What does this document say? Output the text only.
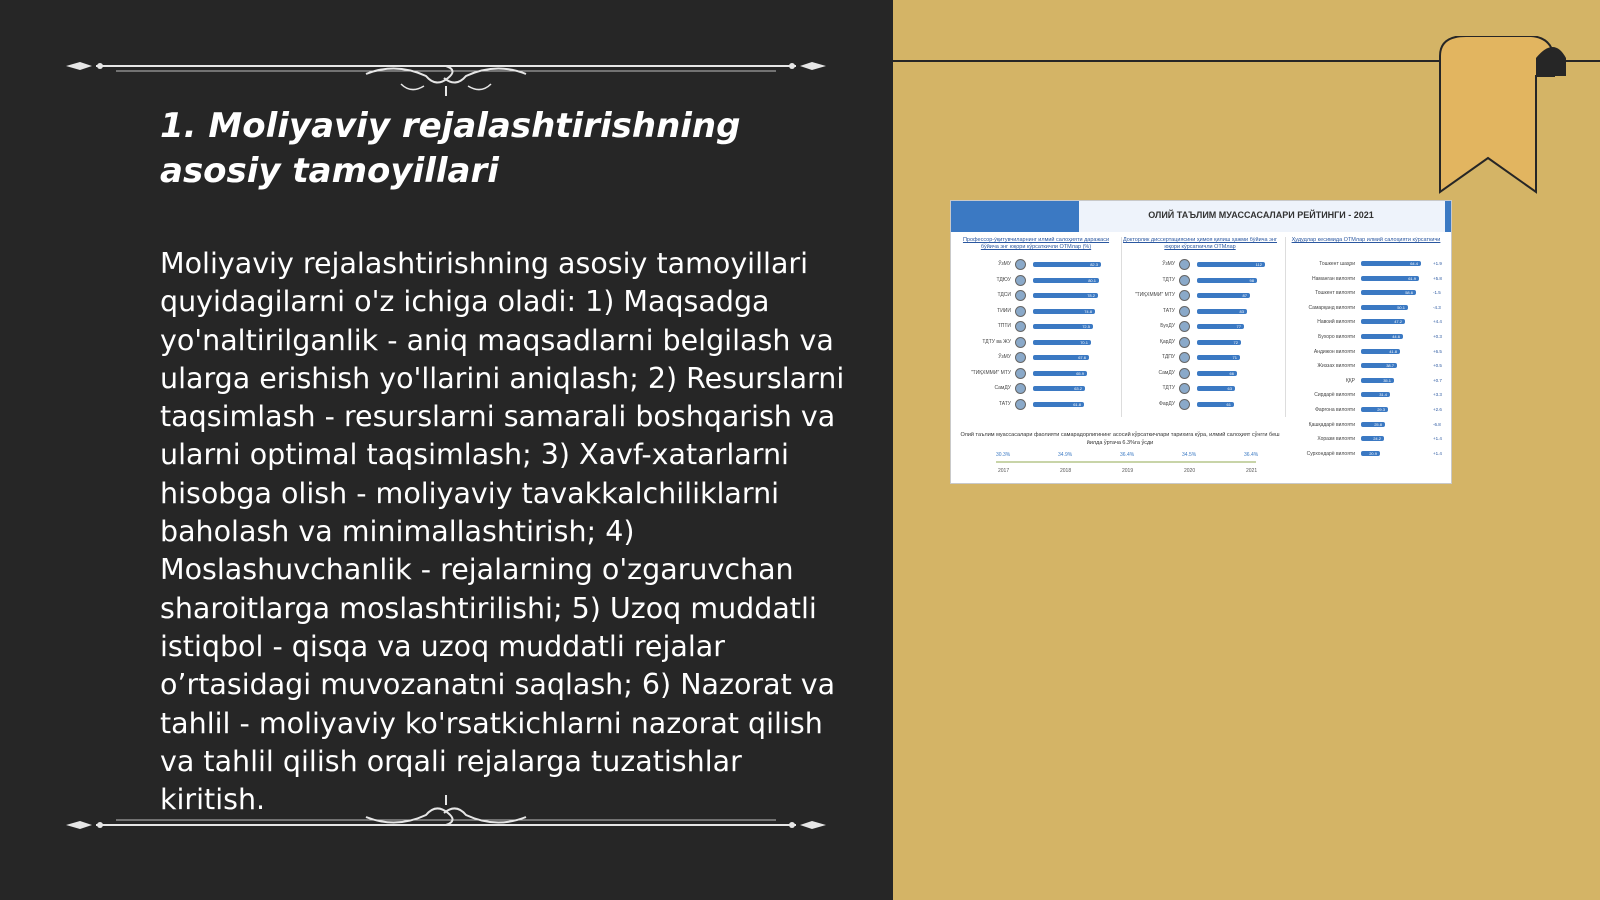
1. Moliyaviy rejalashtirishning asosiy tamoyillari

Moliyaviy rejalashtirishning asosiy tamoyillari quyidagilarni o'z ichiga oladi: 1) Maqsadga yo'naltirilganlik - aniq maqsadlarni belgilash va ularga erishish yo'llarini aniqlash; 2) Resurslarni taqsimlash - resurslarni samarali boshqarish va ularni optimal taqsimlash; 3) Xavf-xatarlarni hisobga olish - moliyaviy tavakkalchiliklarni baholash va minimallashtirish; 4) Moslashuvchanlik - rejalarning o'zgaruvchan sharoitlarga moslashtirilishi; 5) Uzoq muddatli istiqbol - qisqa va uzoq muddatli rejalar o’rtasidagi muvozanatni saqlash; 6) Nazorat va tahlil - moliyaviy ko'rsatkichlarni nazorat qilish va tahlil qilish orqali rejalarga tuzatishlar kiritish.

ОЛИЙ ТАЪЛИМ МУАССАСАЛАРИ РЕЙТИНГИ - 2021
Профессор-ўқитувчиларнинг илмий салоҳияти даражаси бўйича энг юқори кўрсаткичли ОТМлар (%)
ЎзМУ	82.3
ТДЮУ	80.1
ТДСИ	78.2
ТИИИ	74.8
ТПТИ	72.5
ТДТУ ва ЖУ	70.1
ЎзМУ	67.6
"ТИҚХММИ" МТУ	65.9
СамДУ	63.2
ТАТУ	61.8
Докторлик диссертациясини ҳимоя қилиш ҳажми бўйича энг юқори кўрсаткичли ОТМлар
ЎзМУ	112
ТДТУ	98
"ТИҚХММИ" МТУ	87
ТАТУ	83
БухДУ	77
ҚарДУ	72
ТДПУ	71
СамДУ	66
ТДТУ	63
ФарДУ	61
Ҳудудлар кесимида ОТМлар илмий салоҳияти кўрсаткичи
Тошкент шаҳри	64.4	+1.9
Наманган вилояти	61.9	+5.8
Тошкент вилояти	58.6	-1.5
Самарқанд вилояти	50.1	-4.3
Навоий вилояти	47.2	+4.4
Бухоро вилояти	44.6	+0.3
Андижон вилояти	41.8	+6.5
Жиззах вилояти	38.7	+0.5
ҚҚР	35.1	+0.7
Сирдарё вилояти	31.4	+3.3
Фарғона вилояти	29.3	+2.6
Қашқадарё вилояти	25.8	-6.8
Хоразм вилояти	24.2	+1.4
Сурхондарё вилояти	20.9	+1.4
Олий таълим муассасалари фаолияти самарадорлигининг асосий кўрсаткичлари тарихига кўра, илмий салоҳият сўнгги беш йилда ўртача 6.3%га ўсди
30.3%
2017
34.9%
2018
36.4%
2019
34.5%
2020
36.4%
2021
